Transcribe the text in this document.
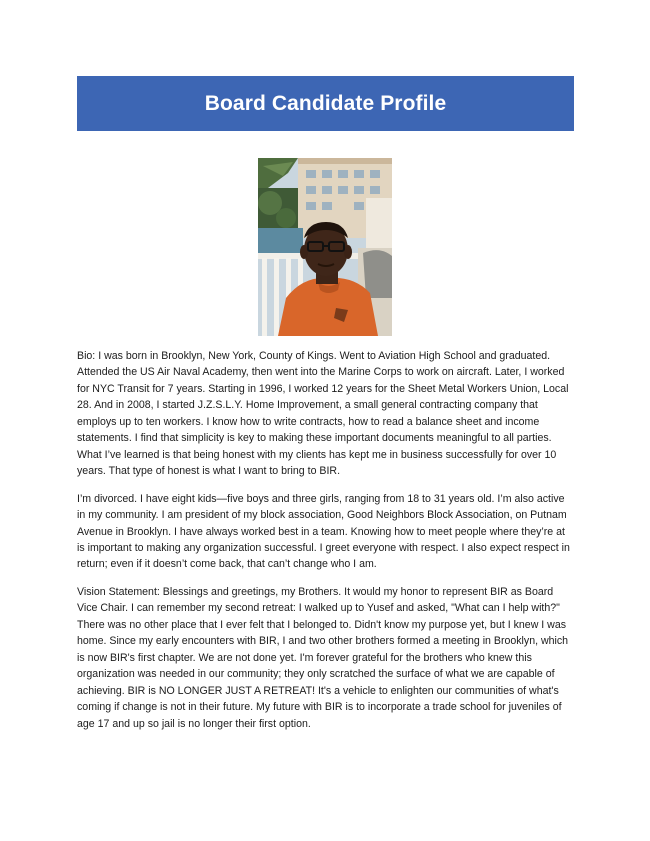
Board Candidate Profile

Bio: I was born in Brooklyn, New York, County of Kings. Went to Aviation High School and graduated. Attended the US Air Naval Academy, then went into the Marine Corps to work on aircraft. Later, I worked for NYC Transit for 7 years. Starting in 1996, I worked 12 years for the Sheet Metal Workers Union, Local 28. And in 2008, I started J.Z.S.L.Y. Home Improvement, a small general contracting company that employs up to ten workers. I know how to write contracts, how to read a balance sheet and income statements. I find that simplicity is key to making these important documents meaningful to all parties. What I’ve learned is that being honest with my clients has kept me in business successfully for over 10 years. That type of honest is what I want to bring to BIR.

I’m divorced. I have eight kids—five boys and three girls, ranging from 18 to 31 years old. I’m also active in my community. I am president of my block association, Good Neighbors Block Association, on Putnam Avenue in Brooklyn. I have always worked best in a team. Knowing how to meet people where they’re at is important to making any organization successful. I greet everyone with respect. I also expect respect in return; even if it doesn’t come back, that can’t change who I am.

Vision Statement: Blessings and greetings, my Brothers. It would my honor to represent BIR as Board Vice Chair. I can remember my second retreat: I walked up to Yusef and asked, "What can I help with?" There was no other place that I ever felt that I belonged to. Didn't know my purpose yet, but I knew I was home. Since my early encounters with BIR, I and two other brothers formed a meeting in Brooklyn, which is now BIR's first chapter. We are not done yet. I'm forever grateful for the brothers who knew this organization was needed in our community; they only scratched the surface of what we are capable of achieving. BIR is NO LONGER JUST A RETREAT! It's a vehicle to enlighten our communities of what's coming if change is not in their future. My future with BIR is to incorporate a trade school for juveniles of age 17 and up so jail is no longer their first option.
